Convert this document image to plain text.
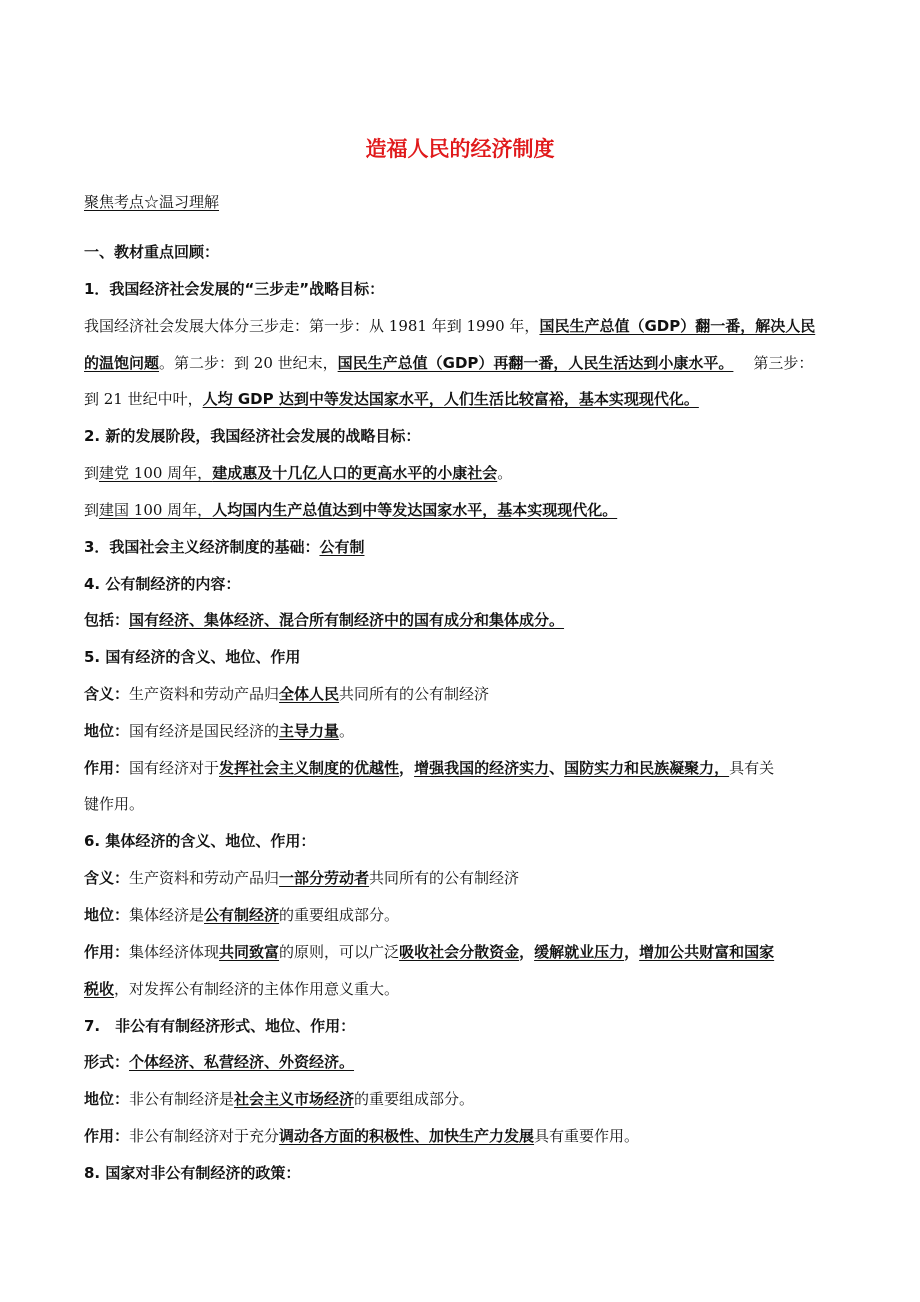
造福人民的经济制度
聚焦考点☆温习理解
一、教材重点回顾：
1．我国经济社会发展的“三步走”战略目标：
我国经济社会发展大体分三步走：第一步：从 1981 年到 1990 年，国民生产总值（GDP）翻一番，解决人民
的温饱问题。第二步：到 20 世纪末，国民生产总值（GDP）再翻一番，人民生活达到小康水平。 第三步：
到 21 世纪中叶，人均 GDP 达到中等发达国家水平，人们生活比较富裕，基本实现现代化。
2. 新的发展阶段，我国经济社会发展的战略目标：
到建党 100 周年，建成惠及十几亿人口的更高水平的小康社会。
到建国 100 周年，人均国内生产总值达到中等发达国家水平，基本实现现代化。
3．我国社会主义经济制度的基础：公有制
4. 公有制经济的内容：
包括：国有经济、集体经济、混合所有制经济中的国有成分和集体成分。
5. 国有经济的含义、地位、作用
含义：生产资料和劳动产品归全体人民共同所有的公有制经济
地位：国有经济是国民经济的主导力量。
作用：国有经济对于发挥社会主义制度的优越性，增强我国的经济实力、国防实力和民族凝聚力，具有关
键作用。
6. 集体经济的含义、地位、作用：
含义：生产资料和劳动产品归一部分劳动者共同所有的公有制经济
地位：集体经济是公有制经济的重要组成部分。
作用：集体经济体现共同致富的原则，可以广泛吸收社会分散资金，缓解就业压力，增加公共财富和国家
税收，对发挥公有制经济的主体作用意义重大。
7.　非公有有制经济形式、地位、作用：
形式：个体经济、私营经济、外资经济。
地位：非公有制经济是社会主义市场经济的重要组成部分。
作用：非公有制经济对于充分调动各方面的积极性、加快生产力发展具有重要作用。
8. 国家对非公有制经济的政策：
